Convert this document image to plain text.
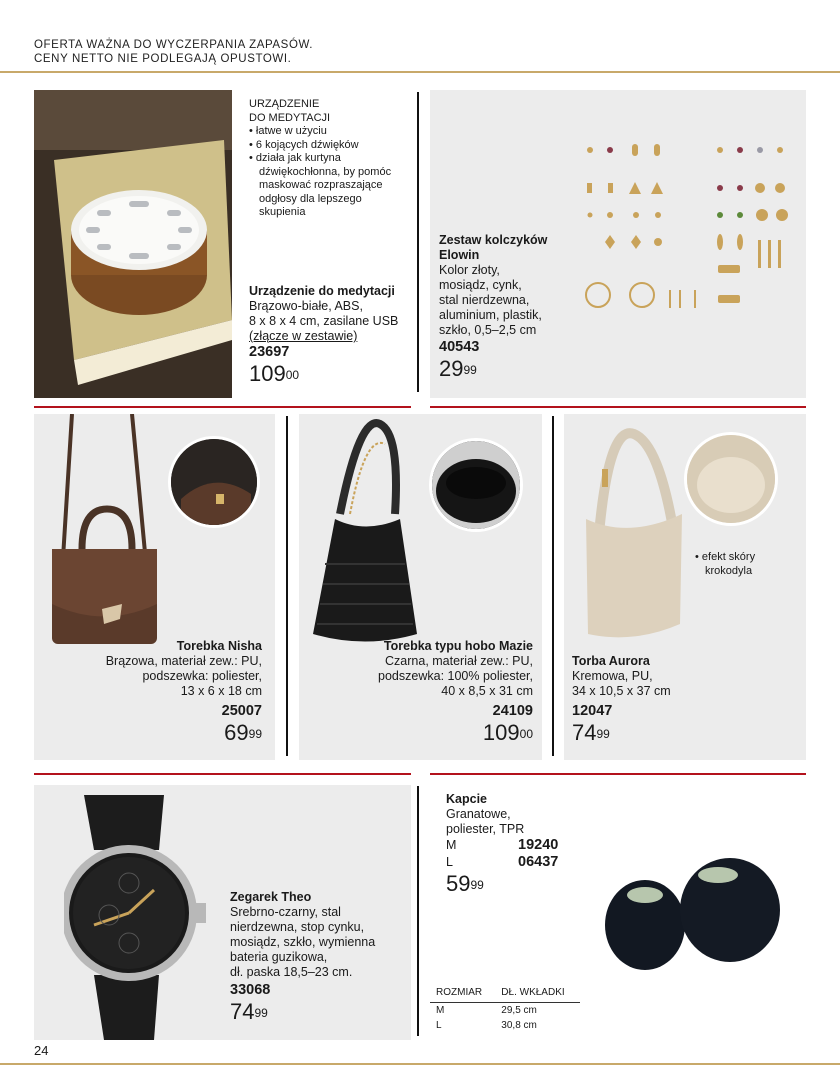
OFERTA WAŻNA DO WYCZERPANIA ZAPASÓW.
CENY NETTO NIE PODLEGAJĄ OPUSTOWI.
URZĄDZENIE
DO MEDYTACJI
• łatwe w użyciu
• 6 kojących dźwięków
• działa jak kurtyna dźwiękochłonna, by pomóc maskować rozpraszające odgłosy dla lepszego skupienia
Urządzenie do medytacji
Brązowo-białe, ABS,
8 x 8 x 4 cm, zasilane USB
(złącze w zestawie)
23697
$109^{00}$
Zestaw kolczyków
Elowin
Kolor złoty,
mosiądz, cynk,
stal nierdzewna,
aluminium, plastik,
szkło, 0,5–2,5 cm
40543
$29^{99}$
Torebka Nisha
Brązowa, materiał zew.: PU,
podszewka: poliester,
13 x 6 x 18 cm
25007
$69^{99}$
Torebka typu hobo Mazie
Czarna, materiał zew.: PU,
podszewka: 100% poliester,
40 x 8,5 x 31 cm
24109
$109^{00}$
• efekt skóry
krokodyla
Torba Aurora
Kremowa, PU,
34 x 10,5 x 37 cm
12047
$74^{99}$
Zegarek Theo
Srebrno-czarny, stal
nierdzewna, stop cynku,
mosiądz, szkło, wymienna
bateria guzikowa,
dł. paska 18,5–23 cm.
33068
$74^{99}$
Kapcie
Granatowe,
poliester, TPR
M	19240
L	06437
$59^{99}$
ROZMIAR	DŁ. WKŁADKI
M	29,5 cm
L	30,8 cm
24
